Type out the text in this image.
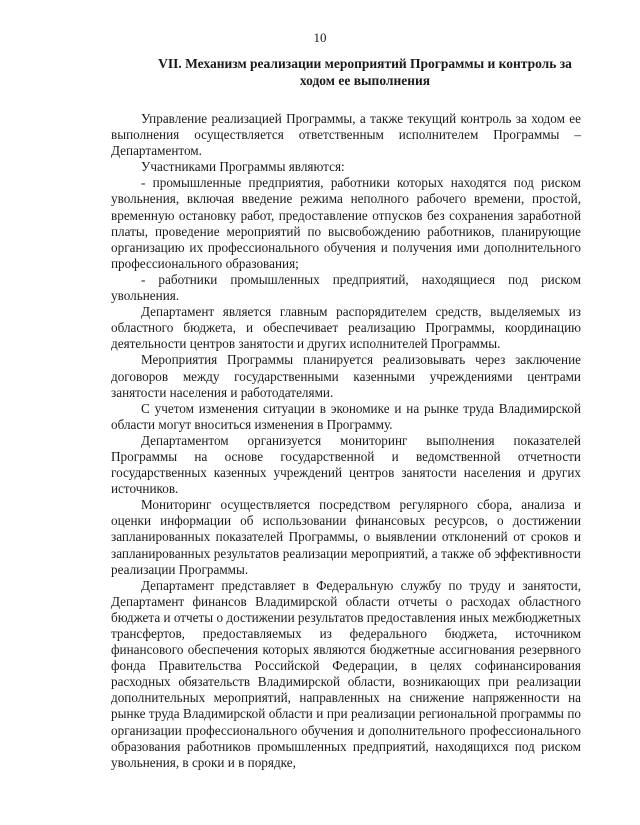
10
VII. Механизм реализации мероприятий Программы и контроль за
ходом ее выполнения

Управление реализацией Программы, а также текущий контроль за ходом ее выполнения осуществляется ответственным исполнителем Программы – Департаментом.

Участниками Программы являются:

- промышленные предприятия, работники которых находятся под риском увольнения, включая введение режима неполного рабочего времени, простой, временную остановку работ, предоставление отпусков без сохранения заработной платы, проведение мероприятий по высвобождению работников, планирующие организацию их профессионального обучения и получения ими дополнительного профессионального образования;

- работники промышленных предприятий, находящиеся под риском увольнения.

Департамент является главным распорядителем средств, выделяемых из областного бюджета, и обеспечивает реализацию Программы, координацию деятельности центров занятости и других исполнителей Программы.

Мероприятия Программы планируется реализовывать через заключение договоров между государственными казенными учреждениями центрами занятости населения и работодателями.

С учетом изменения ситуации в экономике и на рынке труда Владимирской области могут вноситься изменения в Программу.

Департаментом организуется мониторинг выполнения показателей Программы на основе государственной и ведомственной отчетности государственных казенных учреждений центров занятости населения и других источников.

Мониторинг осуществляется посредством регулярного сбора, анализа и оценки информации об использовании финансовых ресурсов, о достижении запланированных показателей Программы, о выявлении отклонений от сроков и запланированных результатов реализации мероприятий, а также об эффективности реализации Программы.

Департамент представляет в Федеральную службу по труду и занятости, Департамент финансов Владимирской области отчеты о расходах областного бюджета и отчеты о достижении результатов предоставления иных межбюджетных трансфертов, предоставляемых из федерального бюджета, источником финансового обеспечения которых являются бюджетные ассигнования резервного фонда Правительства Российской Федерации, в целях софинансирования расходных обязательств Владимирской области, возникающих при реализации дополнительных мероприятий, направленных на снижение напряженности на рынке труда Владимирской области и при реализации региональной программы по организации профессионального обучения и дополнительного профессионального образования работников промышленных предприятий, находящихся под риском увольнения, в сроки и в порядке,
